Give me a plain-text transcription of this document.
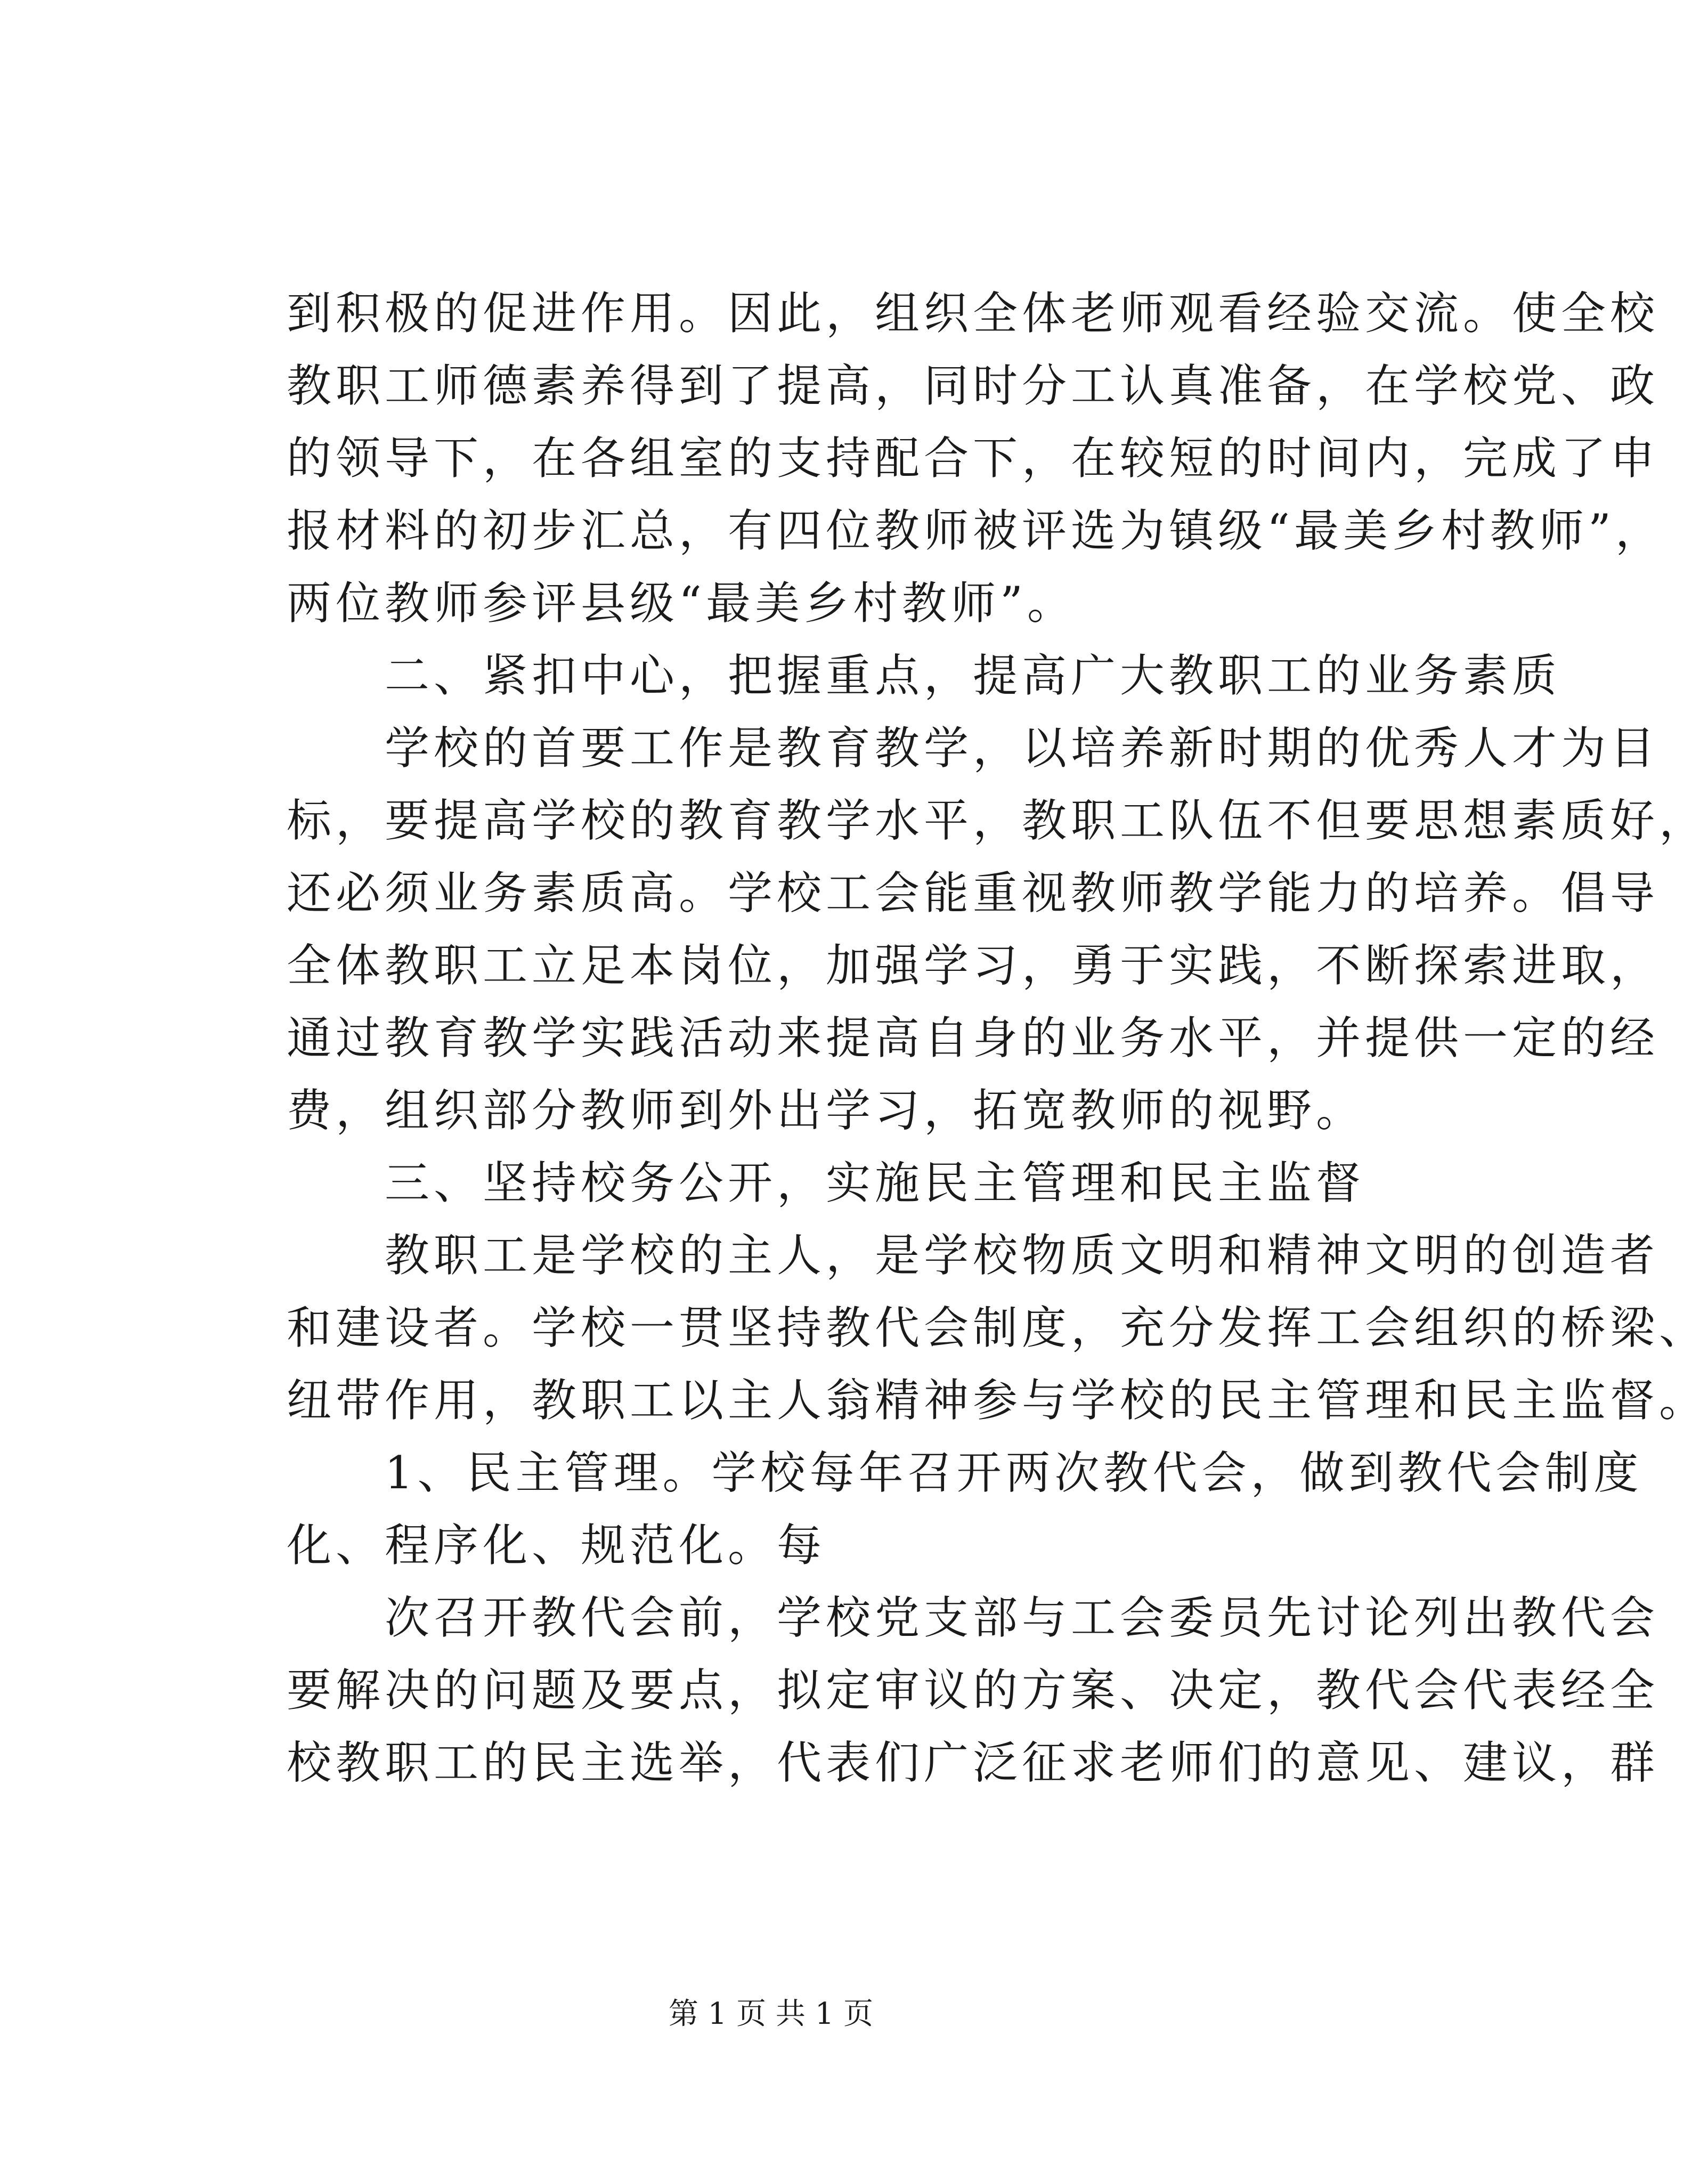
到积极的促进作用。因此，组织全体老师观看经验交流。使全校
教职工师德素养得到了提高，同时分工认真准备，在学校党、政
的领导下，在各组室的支持配合下，在较短的时间内，完成了申
报材料的初步汇总，有四位教师被评选为镇级“最美乡村教师”，
两位教师参评县级“最美乡村教师”。
　　二、紧扣中心，把握重点，提高广大教职工的业务素质
　　学校的首要工作是教育教学，以培养新时期的优秀人才为目
标，要提高学校的教育教学水平，教职工队伍不但要思想素质好，
还必须业务素质高。学校工会能重视教师教学能力的培养。倡导
全体教职工立足本岗位，加强学习，勇于实践，不断探索进取，
通过教育教学实践活动来提高自身的业务水平，并提供一定的经
费，组织部分教师到外出学习，拓宽教师的视野。
　　三、坚持校务公开，实施民主管理和民主监督
　　教职工是学校的主人，是学校物质文明和精神文明的创造者
和建设者。学校一贯坚持教代会制度，充分发挥工会组织的桥梁、
纽带作用，教职工以主人翁精神参与学校的民主管理和民主监督。
　　1、民主管理。学校每年召开两次教代会，做到教代会制度
化、程序化、规范化。每
　　次召开教代会前，学校党支部与工会委员先讨论列出教代会
要解决的问题及要点，拟定审议的方案、决定，教代会代表经全
校教职工的民主选举，代表们广泛征求老师们的意见、建议，群
第 1 页 共 1 页
